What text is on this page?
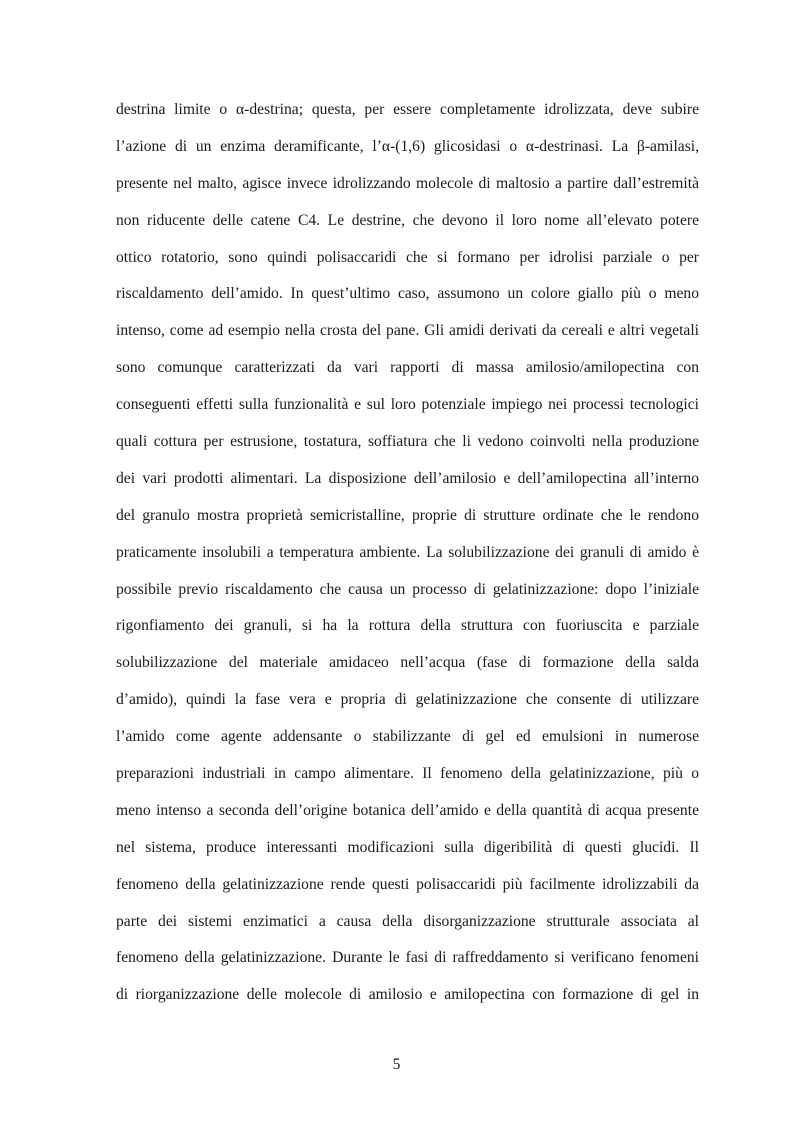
destrina limite o α-destrina; questa, per essere completamente idrolizzata, deve subire
l’azione di un enzima deramificante, l’α-(1,6) glicosidasi o α-destrinasi. La β-amilasi,
presente nel malto, agisce invece idrolizzando molecole di maltosio a partire dall’estremità
non riducente delle catene C4. Le destrine, che devono il loro nome all’elevato potere
ottico rotatorio, sono quindi polisaccaridi che si formano per idrolisi parziale o per
riscaldamento dell’amido. In quest’ultimo caso, assumono un colore giallo più o meno
intenso, come ad esempio nella crosta del pane. Gli amidi derivati da cereali e altri vegetali
sono comunque caratterizzati da vari rapporti di massa amilosio/amilopectina con
conseguenti effetti sulla funzionalità e sul loro potenziale impiego nei processi tecnologici
quali cottura per estrusione, tostatura, soffiatura che li vedono coinvolti nella produzione
dei vari prodotti alimentari. La disposizione dell’amilosio e dell’amilopectina all’interno
del granulo mostra proprietà semicristalline, proprie di strutture ordinate che le rendono
praticamente insolubili a temperatura ambiente. La solubilizzazione dei granuli di amido è
possibile previo riscaldamento che causa un processo di gelatinizzazione: dopo l’iniziale
rigonfiamento dei granuli, si ha la rottura della struttura con fuoriuscita e parziale
solubilizzazione del materiale amidaceo nell’acqua (fase di formazione della salda
d’amido), quindi la fase vera e propria di gelatinizzazione che consente di utilizzare
l’amido come agente addensante o stabilizzante di gel ed emulsioni in numerose
preparazioni industriali in campo alimentare. Il fenomeno della gelatinizzazione, più o
meno intenso a seconda dell’origine botanica dell’amido e della quantità di acqua presente
nel sistema, produce interessanti modificazioni sulla digeribilità di questi glucidi. Il
fenomeno della gelatinizzazione rende questi polisaccaridi più facilmente idrolizzabili da
parte dei sistemi enzimatici a causa della disorganizzazione strutturale associata al
fenomeno della gelatinizzazione. Durante le fasi di raffreddamento si verificano fenomeni
di riorganizzazione delle molecole di amilosio e amilopectina con formazione di gel in
5
